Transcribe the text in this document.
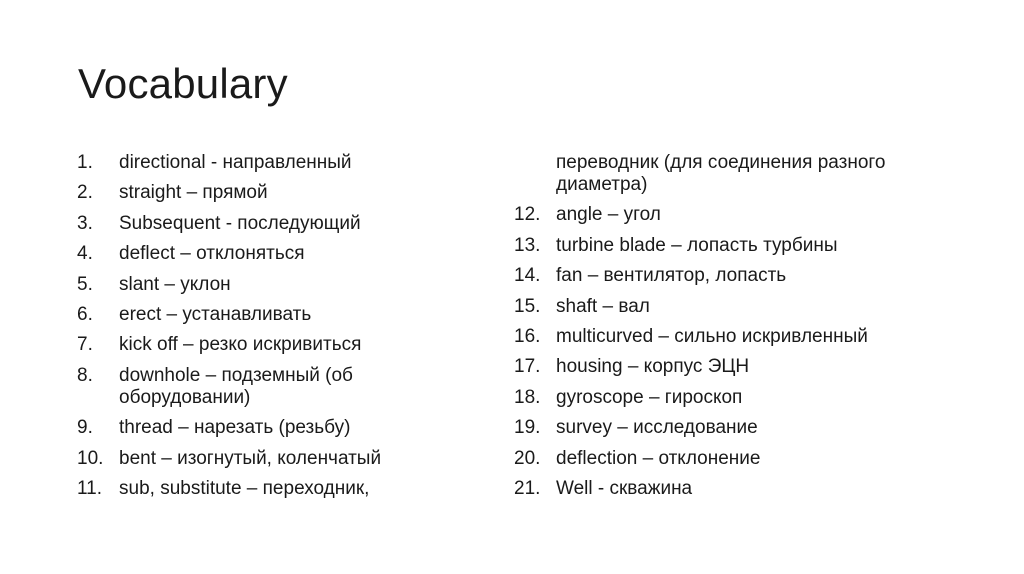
Vocabulary
1.	directional - направленный
2.	straight – прямой
3.	Subsequent - последующий
4.	deflect – отклоняться
5.	slant – уклон
6.	erect – устанавливать
7.	kick off – резко искривиться
8.	downhole – подземный (об оборудовании)
9.	thread – нарезать (резьбу)
10. bent – изогнутый, коленчатый
11. sub, substitute – переходник,
переводник (для соединения разного диаметра)
12. angle – угол
13. turbine blade – лопасть турбины
14. fan – вентилятор, лопасть
15. shaft – вал
16. multicurved – сильно искривленный
17. housing – корпус ЭЦН
18. gyroscope – гироскоп
19. survey – исследование
20. deflection – отклонение
21. Well - скважина
